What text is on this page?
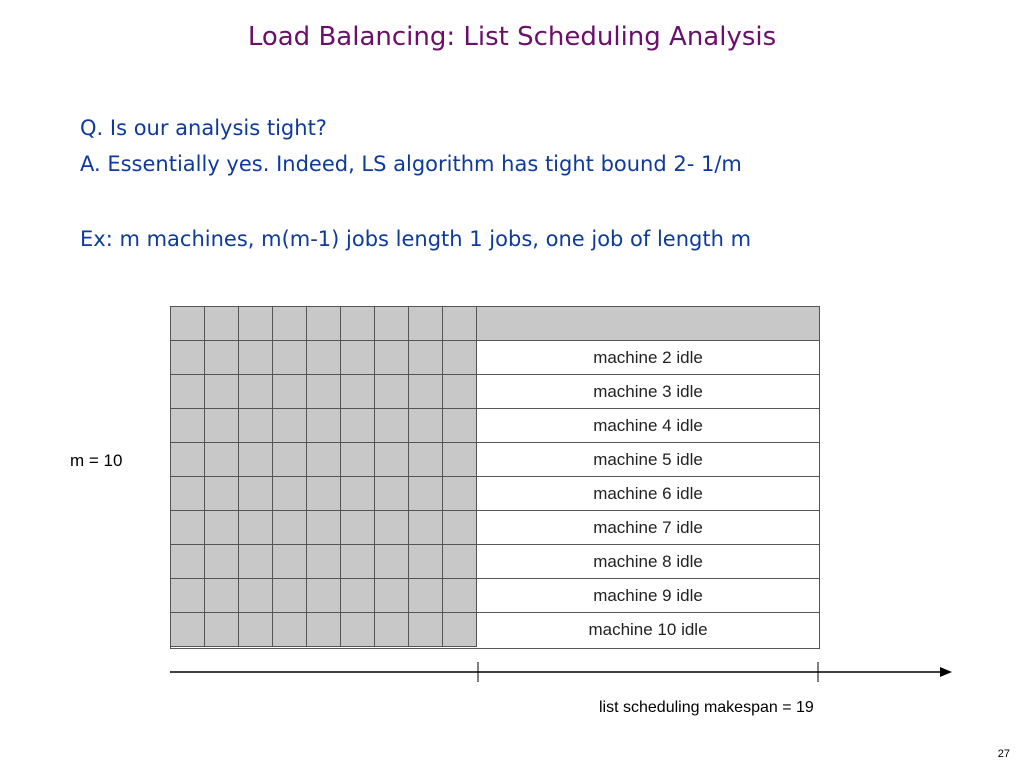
Load Balancing: List Scheduling Analysis
Q. Is our analysis tight?
A. Essentially yes. Indeed, LS algorithm has tight bound 2- 1/m
Ex: m machines, m(m-1) jobs length 1 jobs, one job of length m
m = 10
machine 2 idle
machine 3 idle
machine 4 idle
machine 5 idle
machine 6 idle
machine 7 idle
machine 8 idle
machine 9 idle
machine 10 idle
list scheduling makespan = 19
27
